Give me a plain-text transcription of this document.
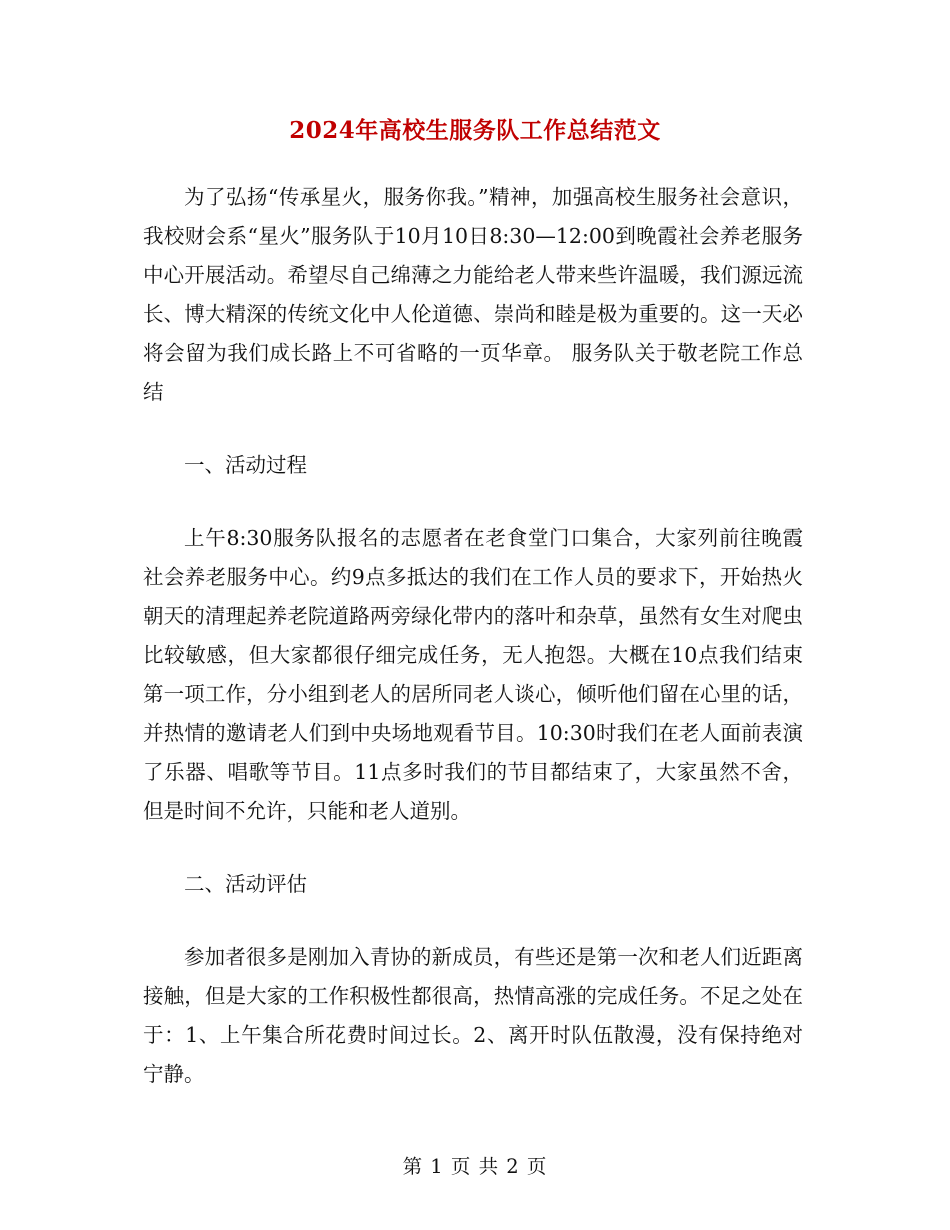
2024年高校生服务队工作总结范文

为了弘扬“传承星火，服务你我。”精神，加强高校生服务社会意识，我校财会系“星火”服务队于10月10日8:30—12:00到晚霞社会养老服务中心开展活动。希望尽自己绵薄之力能给老人带来些许温暖，我们源远流长、博大精深的传统文化中人伦道德、崇尚和睦是极为重要的。这一天必将会留为我们成长路上不可省略的一页华章。 服务队关于敬老院工作总结

一、活动过程

上午8:30服务队报名的志愿者在老食堂门口集合，大家列前往晚霞社会养老服务中心。约9点多抵达的我们在工作人员的要求下，开始热火朝天的清理起养老院道路两旁绿化带内的落叶和杂草，虽然有女生对爬虫比较敏感，但大家都很仔细完成任务，无人抱怨。大概在10点我们结束第一项工作，分小组到老人的居所同老人谈心，倾听他们留在心里的话，并热情的邀请老人们到中央场地观看节目。10:30时我们在老人面前表演了乐器、唱歌等节目。11点多时我们的节目都结束了，大家虽然不舍，但是时间不允许，只能和老人道别。

二、活动评估

参加者很多是刚加入青协的新成员，有些还是第一次和老人们近距离接触，但是大家的工作积极性都很高，热情高涨的完成任务。不足之处在于：1、上午集合所花费时间过长。2、离开时队伍散漫，没有保持绝对宁静。

第 1 页 共 2 页
